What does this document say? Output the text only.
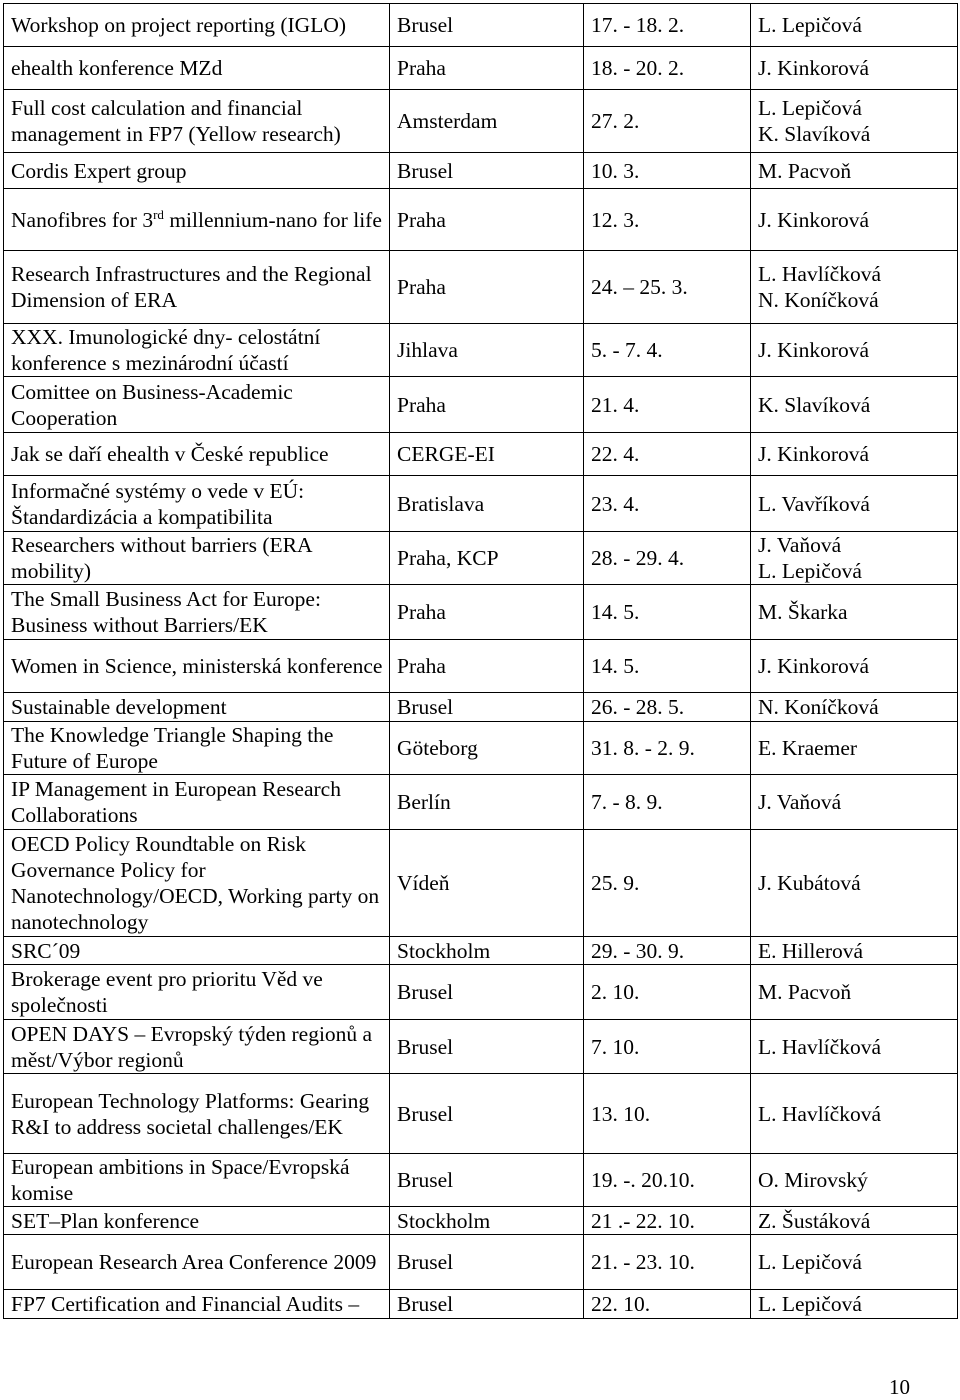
Workshop on project reporting (IGLO)	Brusel	17. - 18. 2.	L. Lepičová

ehealth konference MZd	Praha	18. - 20. 2.	J. Kinkorová

Full cost calculation and financial management in FP7 (Yellow research)	Amsterdam	27. 2.	L. Lepičová
K. Slavíková

Cordis Expert group	Brusel	10. 3.	M. Pacvoň

Nanofibres for 3rd millennium-nano for life	Praha	12. 3.	J. Kinkorová

Research Infrastructures and the Regional Dimension of ERA	Praha	24. – 25. 3.	L. Havlíčková
N. Koníčková

XXX. Imunologické dny- celostátní konference s mezinárodní účastí	Jihlava	5. - 7. 4.	J. Kinkorová

Comittee on Business-Academic Cooperation	Praha	21. 4.	K. Slavíková

Jak se daří ehealth v České republice	CERGE-EI	22. 4.	J. Kinkorová

Informačné systémy o vede v EÚ: Štandardizácia a kompatibilita	Bratislava	23. 4.	L. Vavříková

Researchers without barriers (ERA mobility)	Praha, KCP	28. - 29. 4.	J. Vaňová
L. Lepičová

The Small Business Act for Europe: Business without Barriers/EK	Praha	14. 5.	M. Škarka

Women in Science, ministerská konference	Praha	14. 5.	J. Kinkorová

Sustainable development	Brusel	26. - 28. 5.	N. Koníčková

The Knowledge Triangle Shaping the Future of Europe	Göteborg	31. 8. - 2. 9.	E. Kraemer

IP Management in European Research Collaborations	Berlín	7. - 8. 9.	J. Vaňová

OECD Policy Roundtable on Risk Governance Policy for Nanotechnology/OECD, Working party on nanotechnology	Vídeň	25. 9.	J. Kubátová

SRC´09	Stockholm	29. - 30. 9.	E. Hillerová

Brokerage event pro prioritu Věd ve společnosti	Brusel	2. 10.	M. Pacvoň

OPEN DAYS – Evropský týden regionů a měst/Výbor regionů	Brusel	7. 10.	L. Havlíčková

European Technology Platforms: Gearing R&I to address societal challenges/EK	Brusel	13. 10.	L. Havlíčková

European ambitions in Space/Evropská komise	Brusel	19. -. 20.10.	O. Mirovský

SET–Plan konference	Stockholm	21 .- 22. 10.	Z. Šustáková

European Research Area Conference 2009	Brusel	21. - 23. 10.	L. Lepičová

FP7 Certification and Financial Audits –	Brusel	22. 10.	L. Lepičová
10
